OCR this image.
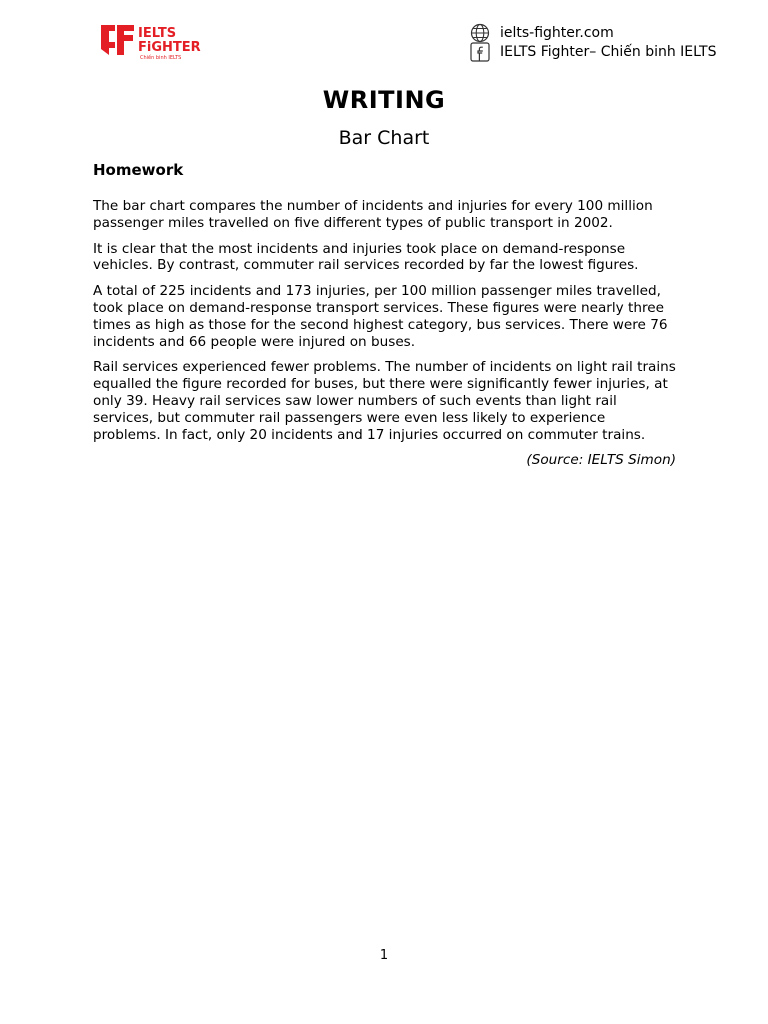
IELTS
FiGHTER
Chiến binh IELTS
ielts-fighter.com
IELTS Fighter– Chiến binh IELTS
WRITING
Bar Chart
Homework

The bar chart compares the number of incidents and injuries for every 100 million passenger miles travelled on five different types of public transport in 2002.

It is clear that the most incidents and injuries took place on demand-response vehicles. By contrast, commuter rail services recorded by far the lowest figures.

A total of 225 incidents and 173 injuries, per 100 million passenger miles travelled, took place on demand-response transport services. These figures were nearly three times as high as those for the second highest category, bus services. There were 76 incidents and 66 people were injured on buses.

Rail services experienced fewer problems. The number of incidents on light rail trains equalled the figure recorded for buses, but there were significantly fewer injuries, at only 39. Heavy rail services saw lower numbers of such events than light rail services, but commuter rail passengers were even less likely to experience problems. In fact, only 20 incidents and 17 injuries occurred on commuter trains.

(Source: IELTS Simon)
1
